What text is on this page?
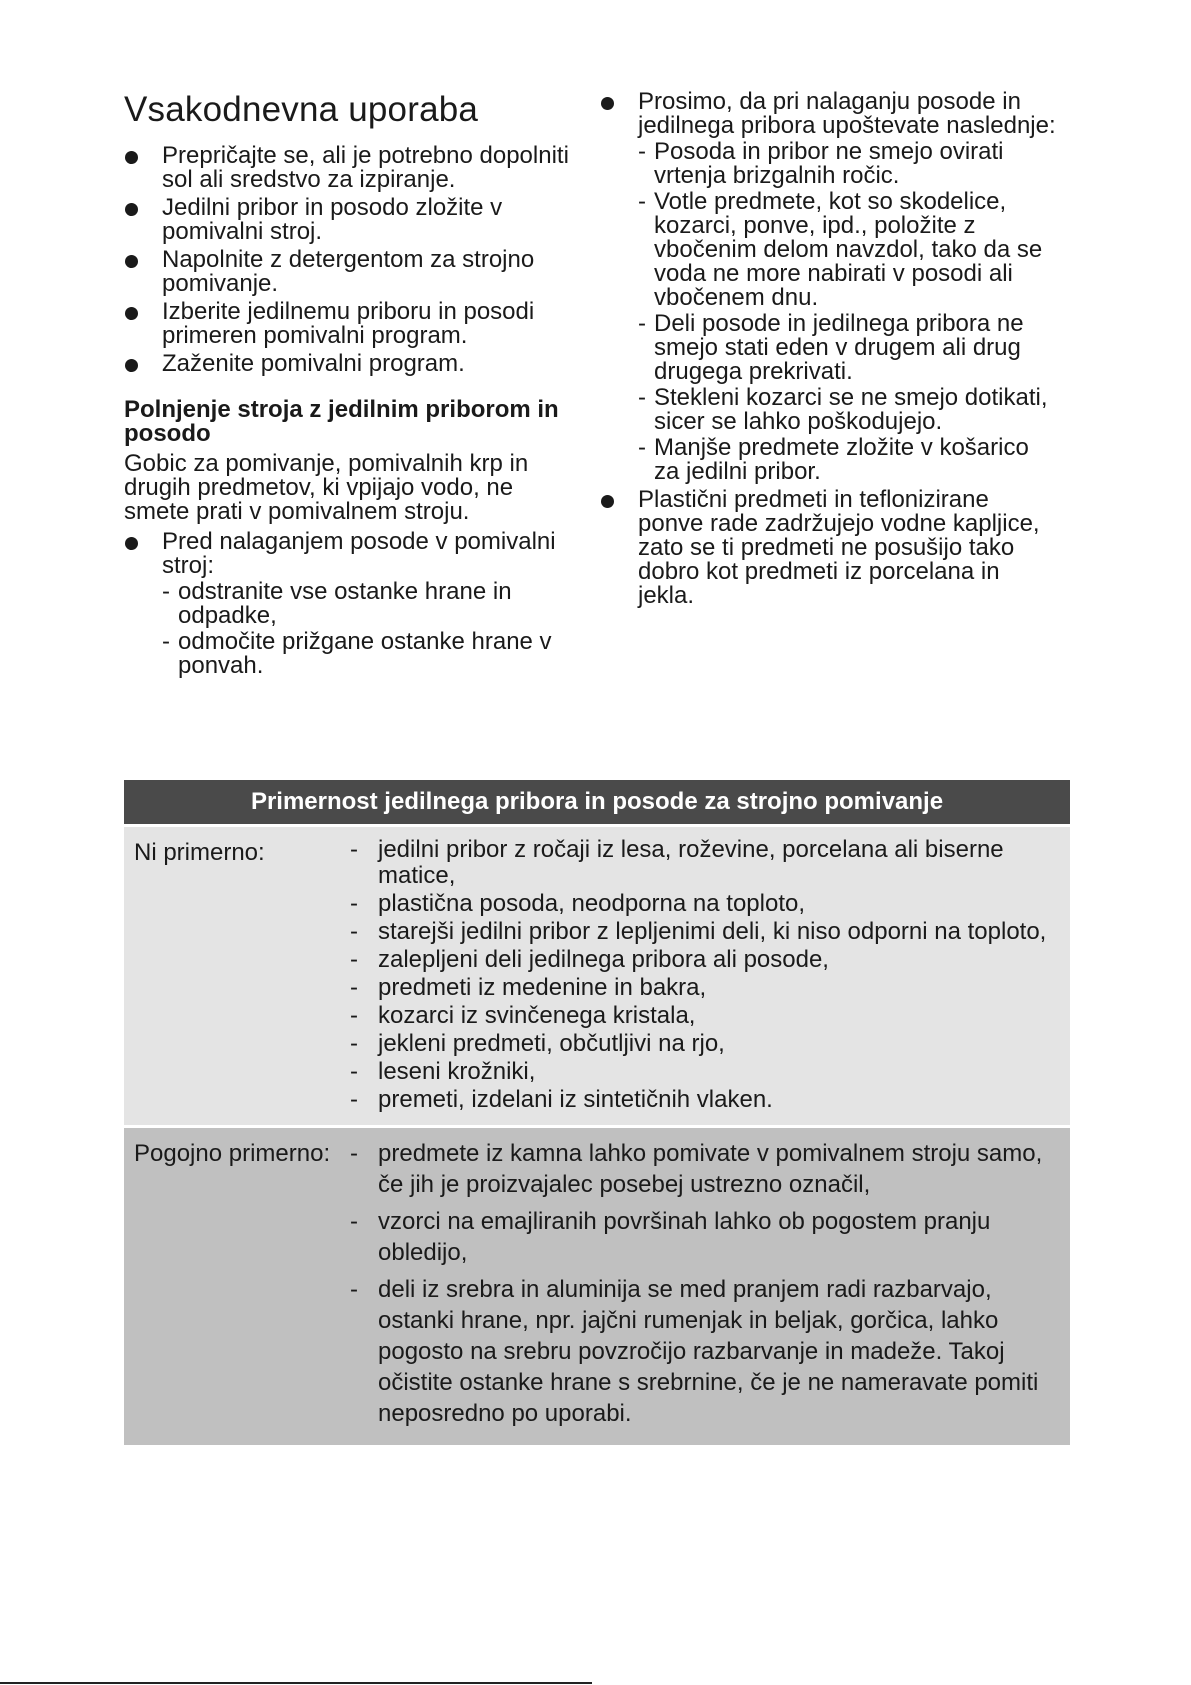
Vsakodnevna uporaba
Prepričajte se, ali je potrebno dopolniti sol ali sredstvo za izpiranje.
Jedilni pribor in posodo zložite v pomivalni stroj.
Napolnite z detergentom za strojno pomivanje.
Izberite jedilnemu priboru in posodi primeren pomivalni program.
Zaženite pomivalni program.
Polnjenje stroja z jedilnim priborom in posodo

Gobic za pomivanje, pomivalnih krp in drugih predmetov, ki vpijajo vodo, ne smete prati v pomivalnem stroju.

Pred nalaganjem posode v pomivalni stroj:
- odstranite vse ostanke hrane in odpadke,
- odmočite prižgane ostanke hrane v ponvah.
Prosimo, da pri nalaganju posode in jedilnega pribora upoštevate naslednje:
- Posoda in pribor ne smejo ovirati vrtenja brizgalnih ročic.
- Votle predmete, kot so skodelice, kozarci, ponve, ipd., položite z vbočenim delom navzdol, tako da se voda ne more nabirati v posodi ali vbočenem dnu.
- Deli posode in jedilnega pribora ne smejo stati eden v drugem ali drug drugega prekrivati.
- Stekleni kozarci se ne smejo dotikati, sicer se lahko poškodujejo.
- Manjše predmete zložite v košarico za jedilni pribor.
Plastični predmeti in teflonizirane ponve rade zadržujejo vodne kapljice, zato se ti predmeti ne posušijo tako dobro kot predmeti iz porcelana in jekla.
Primernost jedilnega pribora in posode za strojno pomivanje
Ni primerno:	- jedilni pribor z ročaji iz lesa, roževine, porcelana ali biserne matice,
- plastična posoda, neodporna na toploto,
- starejši jedilni pribor z lepljenimi deli, ki niso odporni na toploto,
- zalepljeni deli jedilnega pribora ali posode,
- predmeti iz medenine in bakra,
- kozarci iz svinčenega kristala,
- jekleni predmeti, občutljivi na rjo,
- leseni krožniki,
- premeti, izdelani iz sintetičnih vlaken.
Pogojno primerno: - predmete iz kamna lahko pomivate v pomivalnem stroju samo, če jih je proizvajalec posebej ustrezno označil,
- vzorci na emajliranih površinah lahko ob pogostem pranju obledijo,
- deli iz srebra in aluminija se med pranjem radi razbarvajo, ostanki hrane, npr. jajčni rumenjak in beljak, gorčica, lahko pogosto na srebru povzročijo razbarvanje in madeže. Takoj očistite ostanke hrane s srebrnine, če je ne nameravate pomiti neposredno po uporabi.
